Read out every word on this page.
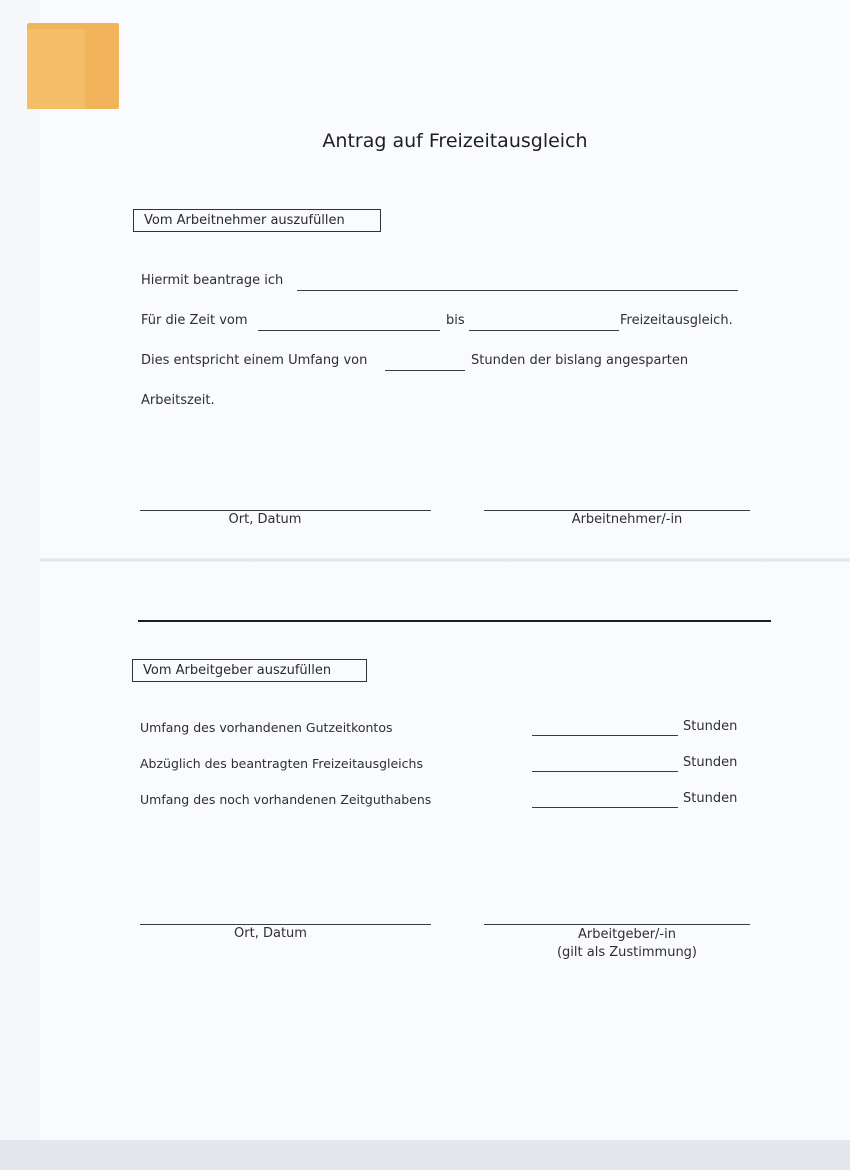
Antrag auf Freizeitausgleich
Vom Arbeitnehmer auszufüllen
Hiermit beantrage ich
Für die Zeit vom	bis	Freizeitausgleich.
Dies entspricht einem Umfang von	Stunden der bislang angesparten
Arbeitszeit.
Ort, Datum	Arbeitnehmer/-in
Vom Arbeitgeber auszufüllen
Umfang des vorhandenen Gutzeitkontos	Stunden
Abzüglich des beantragten Freizeitausgleichs	Stunden
Umfang des noch vorhandenen Zeitguthabens	Stunden
Ort, Datum	Arbeitgeber/-in
(gilt als Zustimmung)
